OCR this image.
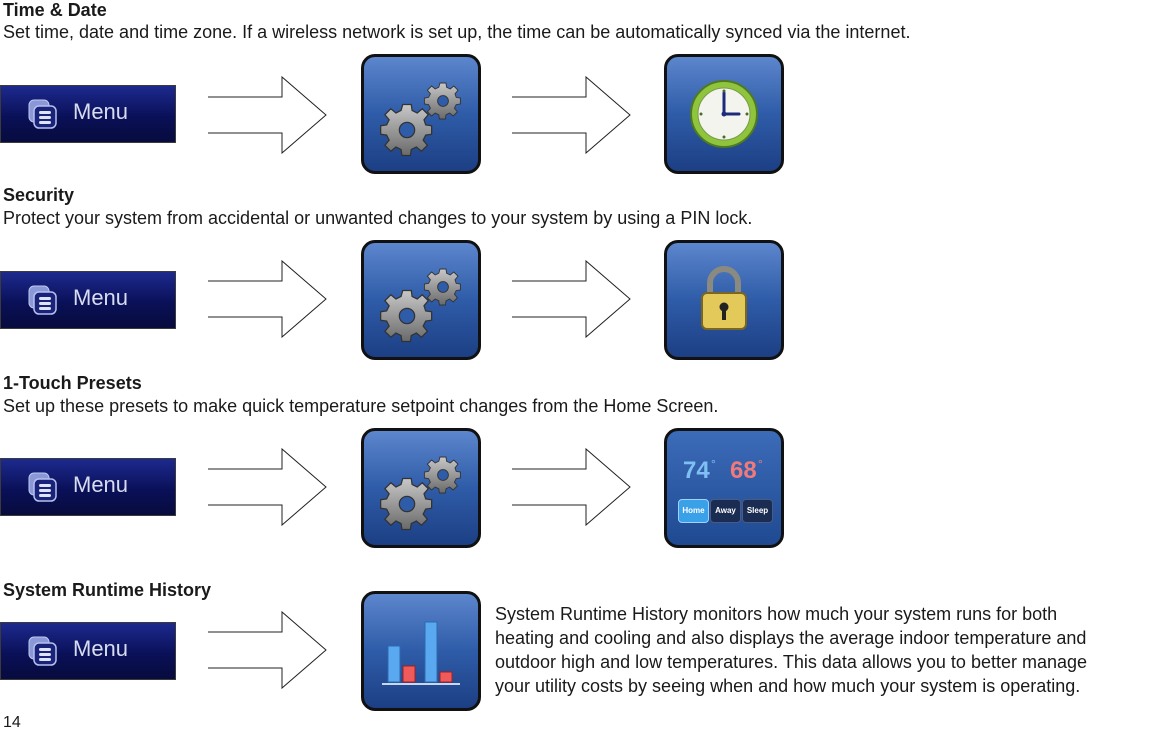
Time & Date
Set time, date and time zone. If a wireless network is set up, the time can be automatically synced via the internet.
Menu
Security
Protect your system from accidental or unwanted changes to your system by using a PIN lock.
Menu
1-Touch Presets
Set up these presets to make quick temperature setpoint changes from the Home Screen.
Menu
74 ° 68 °
Home	Away	Sleep
System Runtime History
Menu
System Runtime History monitors how much your system runs for both
heating and cooling and also displays the average indoor temperature and
outdoor high and low temperatures. This data allows you to better manage
your utility costs by seeing when and how much your system is operating.
14
